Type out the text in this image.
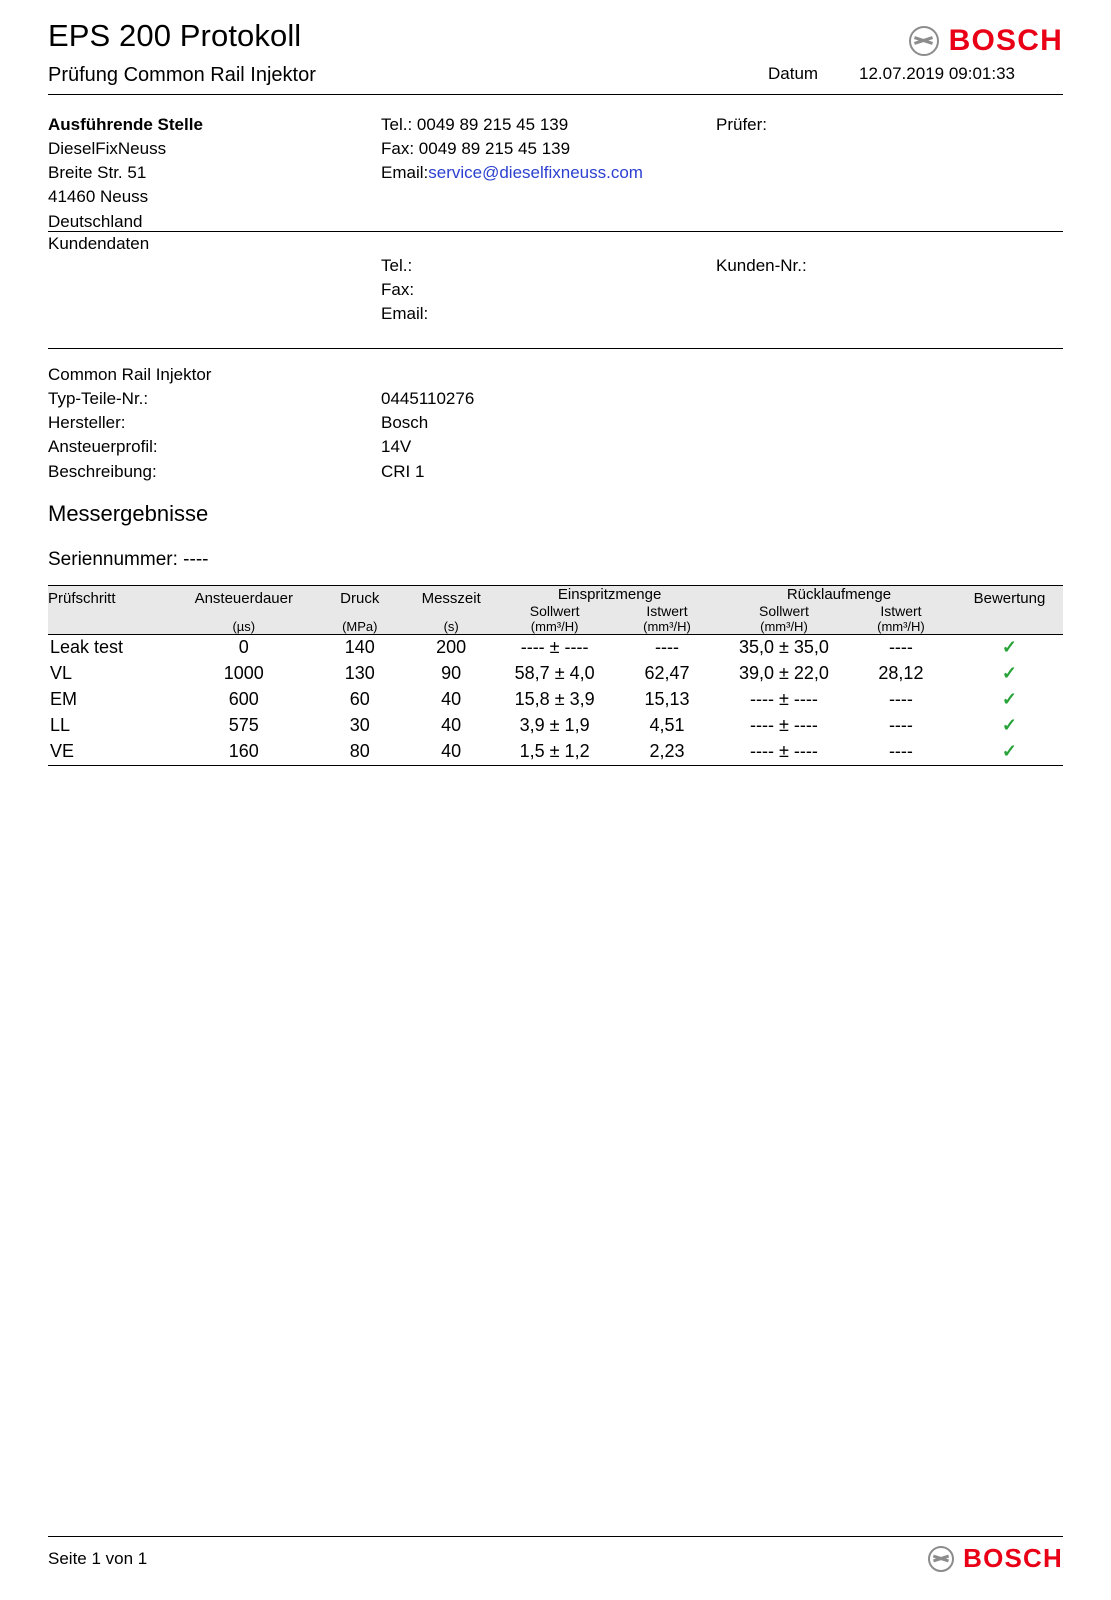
EPS 200 Protokoll	BOSCH
Prüfung Common Rail Injektor	Datum 12.07.2019 09:01:33
Ausführende Stelle
DieselFixNeuss
Breite Str. 51
41460 Neuss
Deutschland
Tel.: 0049 89 215 45 139
Fax: 0049 89 215 45 139
Email:service@dieselfixneuss.com
Prüfer:
Kundendaten
Tel.:
Fax:
Email:
Kunden-Nr.:
Common Rail Injektor
Typ-Teile-Nr.:	0445110276
Hersteller:	Bosch
Ansteuerprofil:	14V
Beschreibung:	CRI 1
Messergebnisse
Seriennummer: ----
Prüfschritt	Ansteuerdauer	Druck	Messzeit	Einspritzmenge		Rücklaufmenge		Bewertung
				Sollwert	Istwert	Sollwert	Istwert	
	(µs)	(MPa)	(s)	(mm³/H)	(mm³/H)	(mm³/H)	(mm³/H)	
Leak test	0	140	200	---- ± ----	----	35,0 ± 35,0	----	✓
VL	1000	130	90	58,7 ± 4,0	62,47	39,0 ± 22,0	28,12	✓
EM	600	60	40	15,8 ± 3,9	15,13	---- ± ----	----	✓
LL	575	30	40	3,9 ± 1,9	4,51	---- ± ----	----	✓
VE	160	80	40	1,5 ± 1,2	2,23	---- ± ----	----	✓
Seite 1 von 1	BOSCH
